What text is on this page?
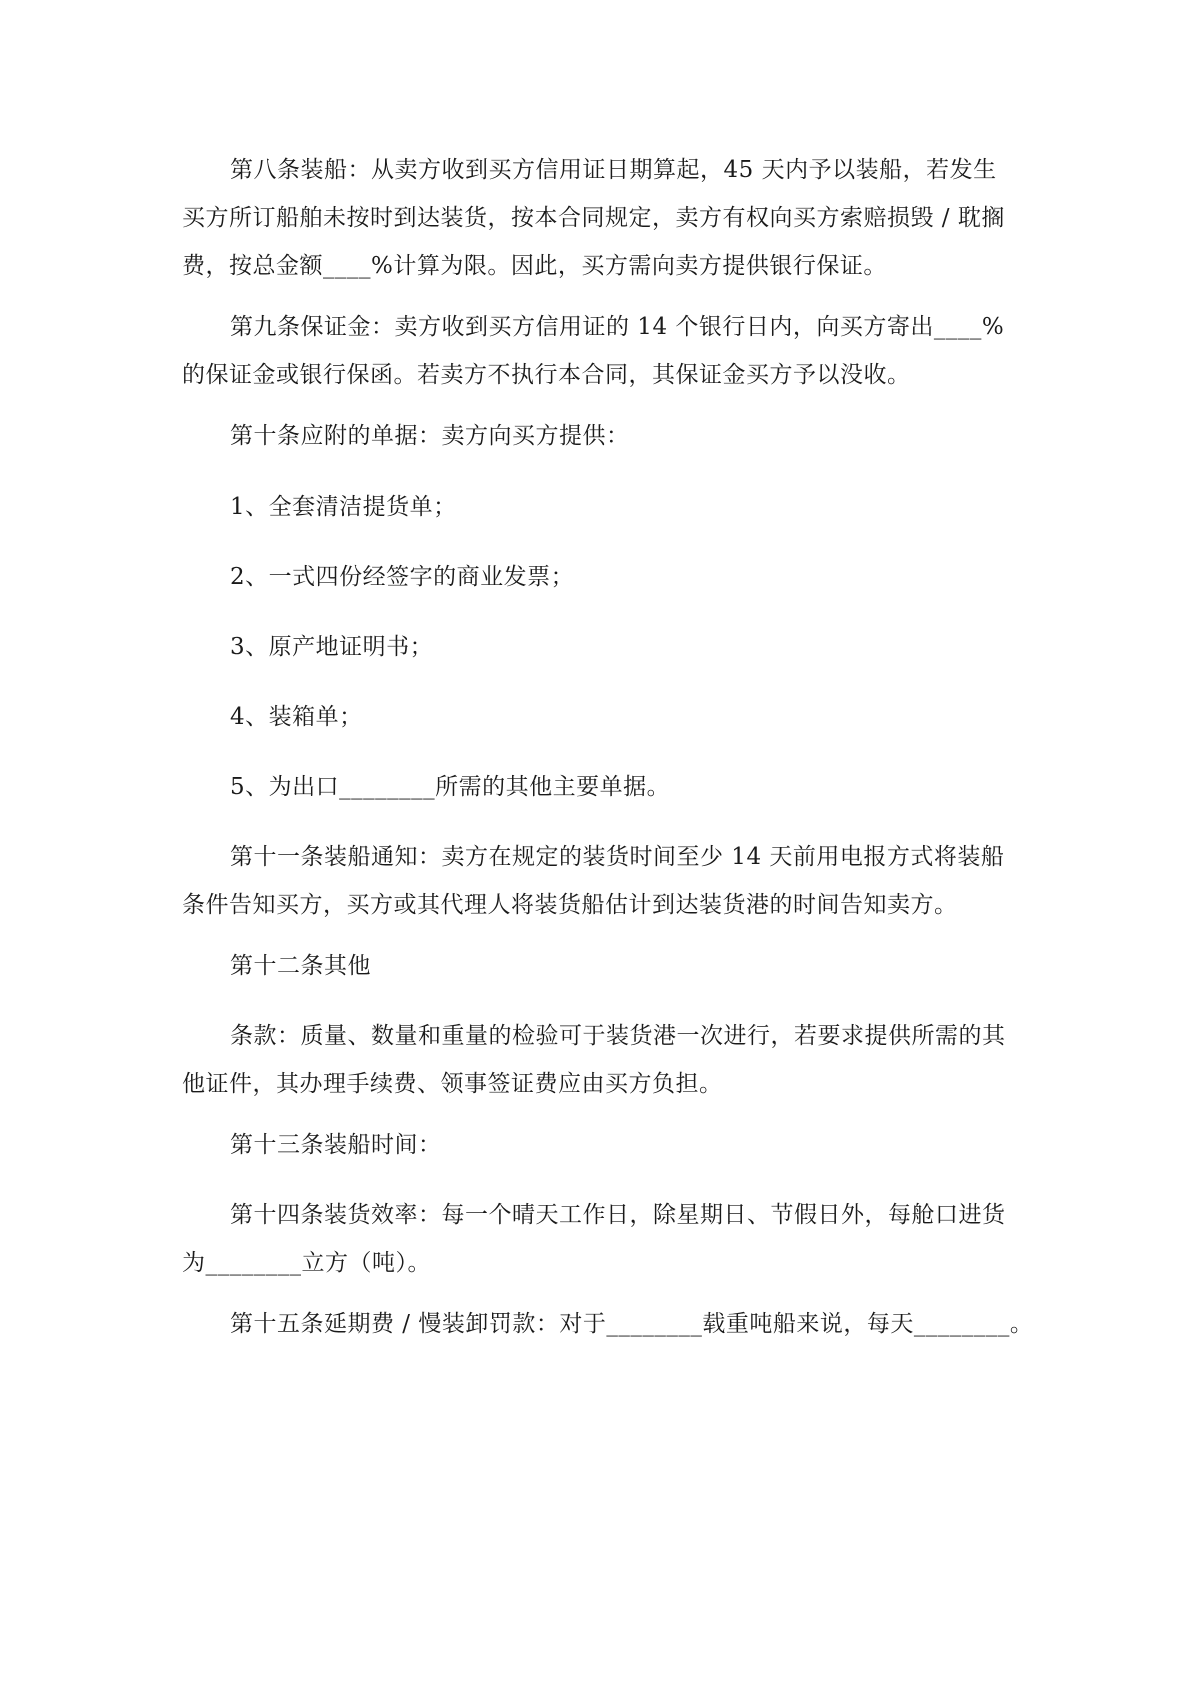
第八条装船：从卖方收到买方信用证日期算起，45 天内予以装船，若发生
买方所订船舶未按时到达装货，按本合同规定，卖方有权向买方索赔损毁 / 耽搁
费，按总金额____%计算为限。因此，买方需向卖方提供银行保证。

第九条保证金：卖方收到买方信用证的 14 个银行日内，向买方寄出____%
的保证金或银行保函。若卖方不执行本合同，其保证金买方予以没收。

第十条应附的单据：卖方向买方提供：

1、全套清洁提货单；

2、一式四份经签字的商业发票；

3、原产地证明书；

4、装箱单；

5、为出口________所需的其他主要单据。

第十一条装船通知：卖方在规定的装货时间至少 14 天前用电报方式将装船
条件告知买方，买方或其代理人将装货船估计到达装货港的时间告知卖方。

第十二条其他

条款：质量、数量和重量的检验可于装货港一次进行，若要求提供所需的其
他证件，其办理手续费、领事签证费应由买方负担。

第十三条装船时间：

第十四条装货效率：每一个晴天工作日，除星期日、节假日外，每舱口进货
为________立方（吨）。

第十五条延期费 / 慢装卸罚款：对于________载重吨船来说，每天________。
